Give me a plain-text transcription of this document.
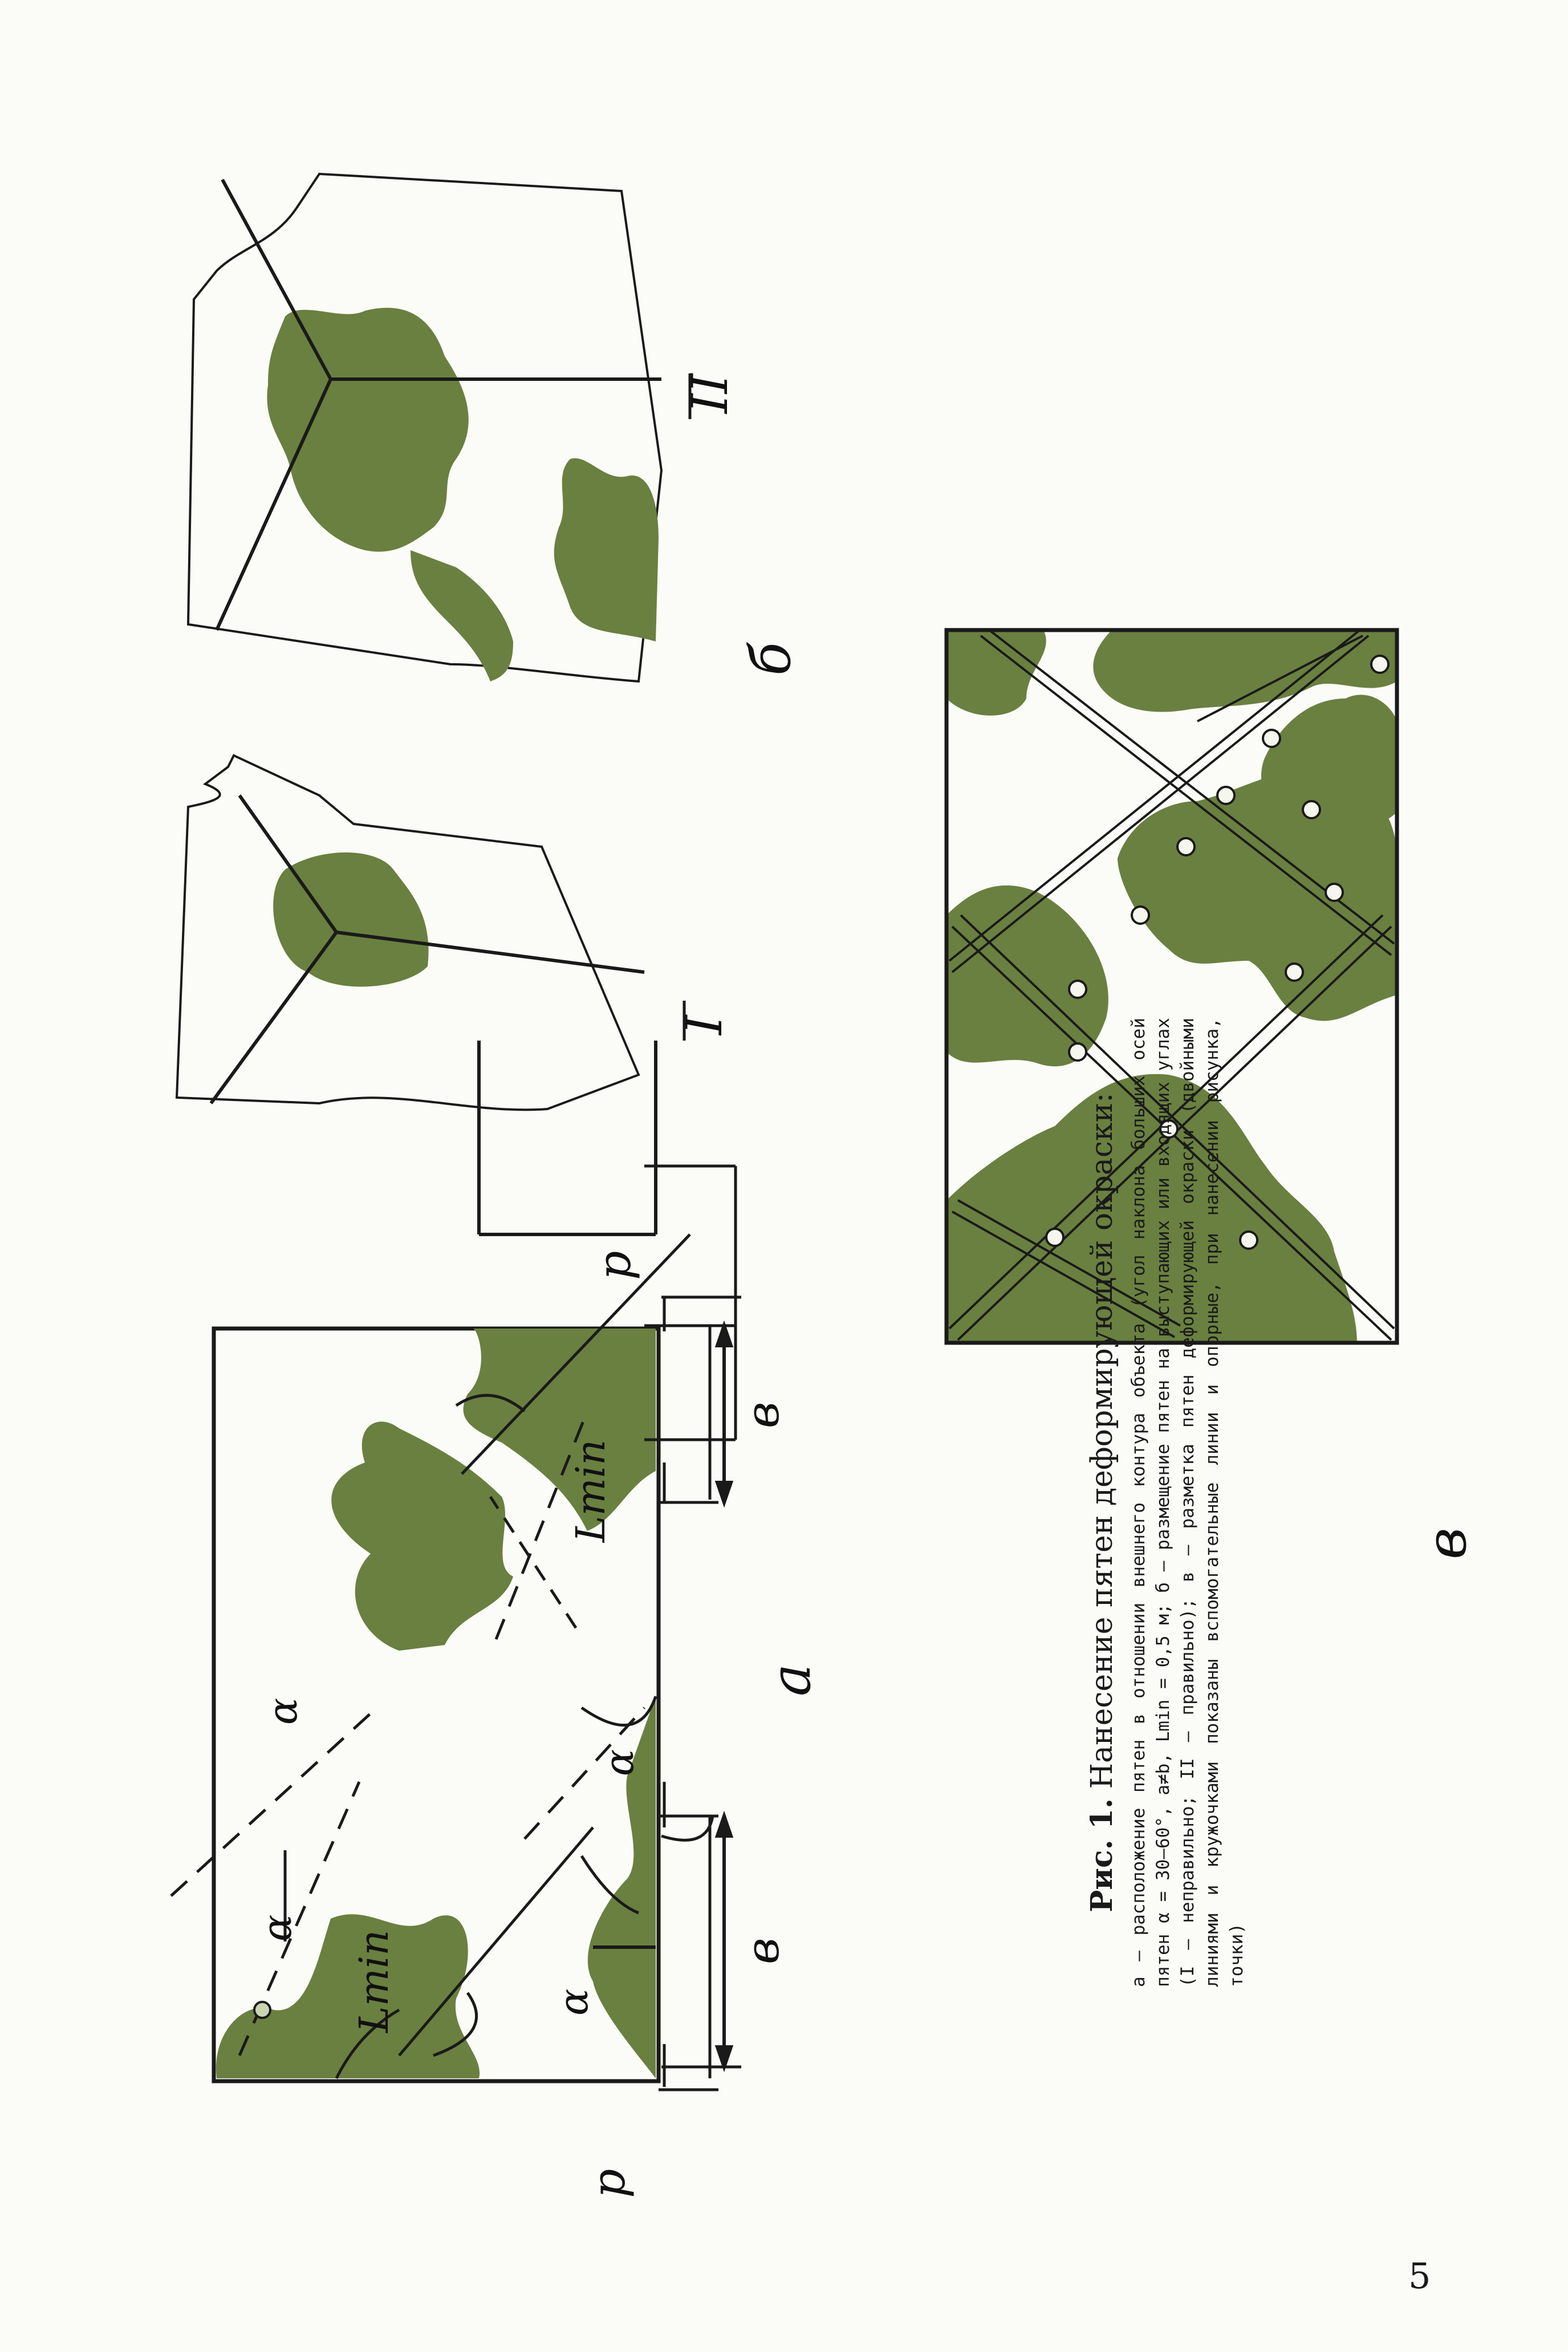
в
в
р
р
α
α
α
α
Lmin
Lmin
а
I
II
б
в
Рис. 1. Нанесение пятен деформирующей окраски: а — расположение пятен в отношении внешнего контура объекта (угол наклона больших осей пятен α = 30—60°, а≠b, Lmin = 0,5 м; б — размещение пятен на выступающих или входящих углах (I — неправильно; II — правильно); в — разметка пятен деформирующей окраски (двойными линиями и кружочками показаны вспомогательные линии и опорные, при нанесении рисунка, точки)
5
